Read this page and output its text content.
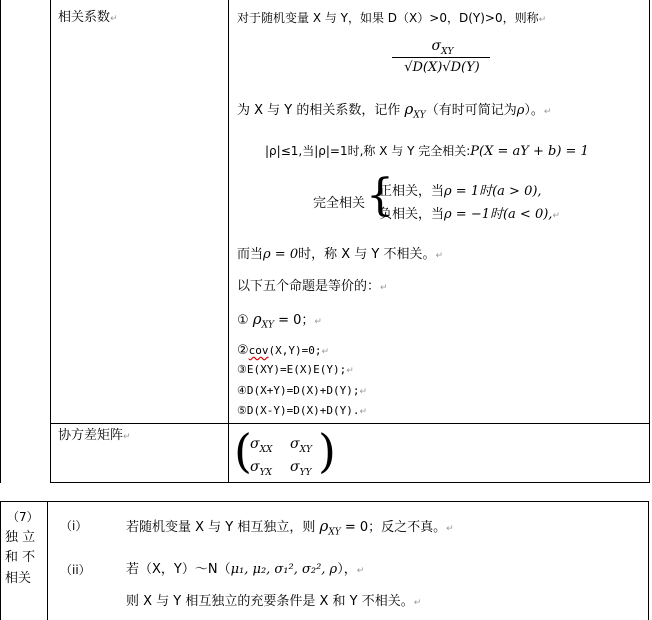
相关系数↵
协方差矩阵↵
对于随机变量 X 与 Y，如果 D（X）>0，D(Y)>0，则称↵
$\sigma_{XY}$
√D(X)√D(Y)
为 X 与 Y 的相关系数，记作 $\rho_{XY}$（有时可简记为ρ）。↵
|ρ|≤1,当|ρ|=1时,称 X 与 Y 完全相关:P(X = aY + b) = 1
完全相关 {
正相关，当ρ = 1时(a > 0),
负相关，当ρ = −1时(a < 0),↵
而当ρ = 0时，称 X 与 Y 不相关。↵
以下五个命题是等价的：↵
① $\rho_{XY} = 0$；↵
②cov(X,Y)=0;↵
③E(XY)=E(X)E(Y);↵
④D(X+Y)=D(X)+D(Y);↵
⑤D(X-Y)=D(X)+D(Y).↵
( )
$\sigma_{XX}$ $\sigma_{XY}$
$\sigma_{YX}$ $\sigma_{YY}$
（7）
独 立
和 不
相关
（i）	若随机变量 X 与 Y 相互独立，则 $\rho_{XY} = 0$；反之不真。↵
（ii）	若（X，Y）～N（μ₁, μ₂, σ₁², σ₂², ρ），↵
则 X 与 Y 相互独立的充要条件是 X 和 Y 不相关。↵
